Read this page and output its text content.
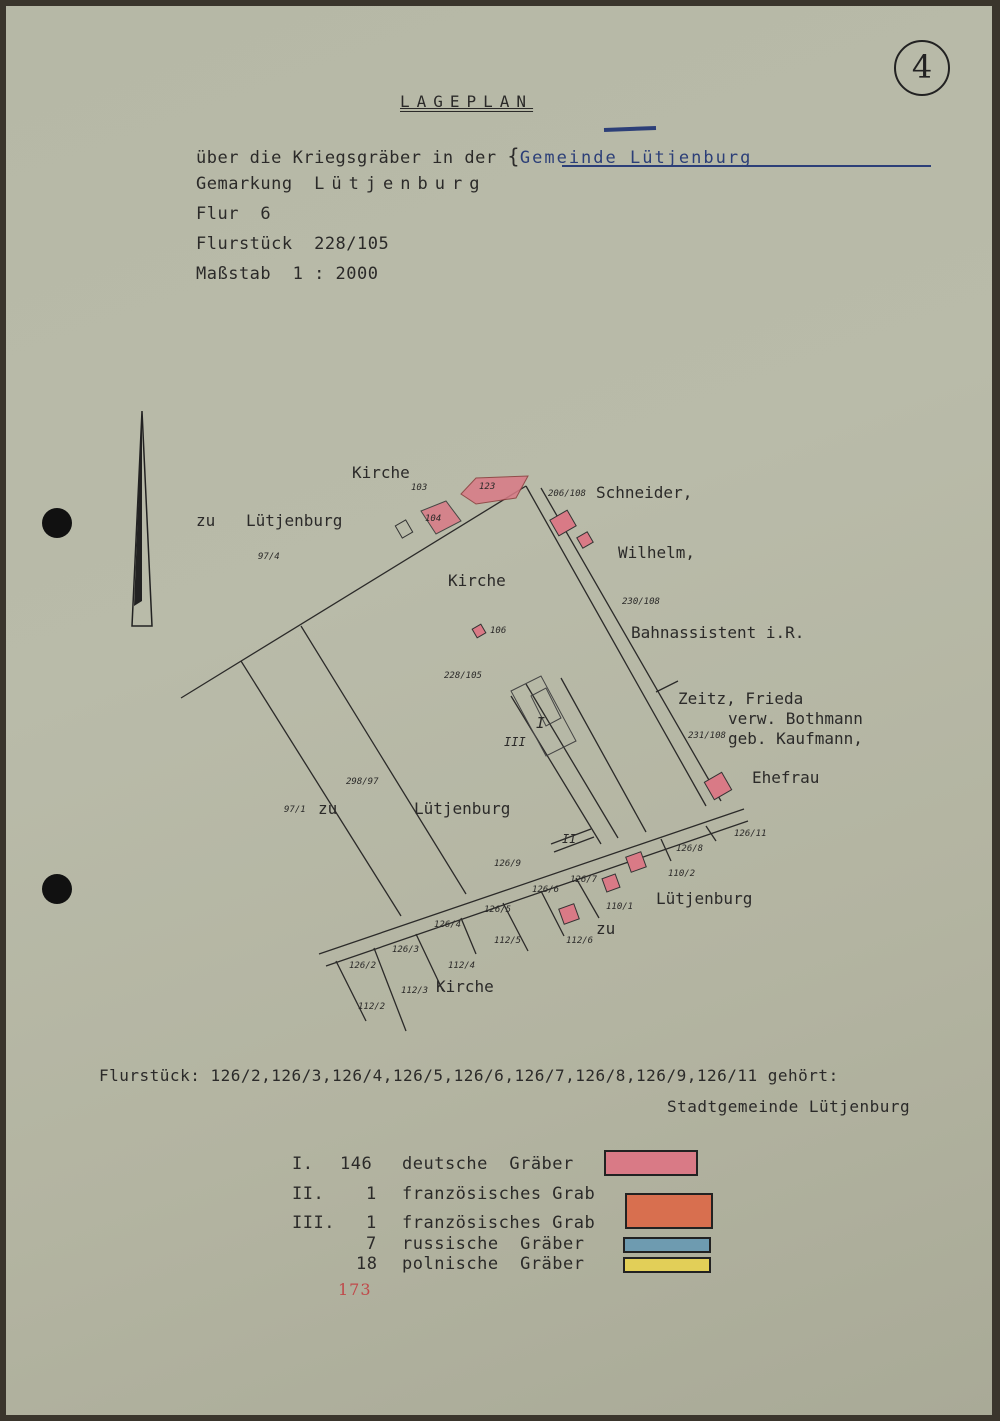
4
LAGEPLAN
über die Kriegsgräber in der {Gemeinde Lütjenburg
Gemarkung Lütjenburg
Flur  6
Flurstück  228/105
Maßstab  1 : 2000
Kirche
zu Lütjenburg
Schneider,
Wilhelm,
Kirche
Bahnassistent i.R.
Zeitz, Frieda
verw. Bothmann
geb. Kaufmann,
Ehefrau
zu	Lütjenburg
Lütjenburg
zu
Kirche
I
II
III
103
104
123
206/108
97/4
106
228/105
230/108
231/108
298/97
97/1
126/11
126/8
110/2
126/9
126/7
126/6
110/1
126/5
112/6
126/4
112/5
126/3
112/4
126/2
112/3
112/2
Flurstück: 126/2,126/3,126/4,126/5,126/6,126/7,126/8,126/9,126/11 gehört:
Stadtgemeinde Lütjenburg
I. 146 deutsche  Gräber
II. 1 französisches Grab
III. 1 französisches Grab
7 russische  Gräber
18 polnische  Gräber
173
